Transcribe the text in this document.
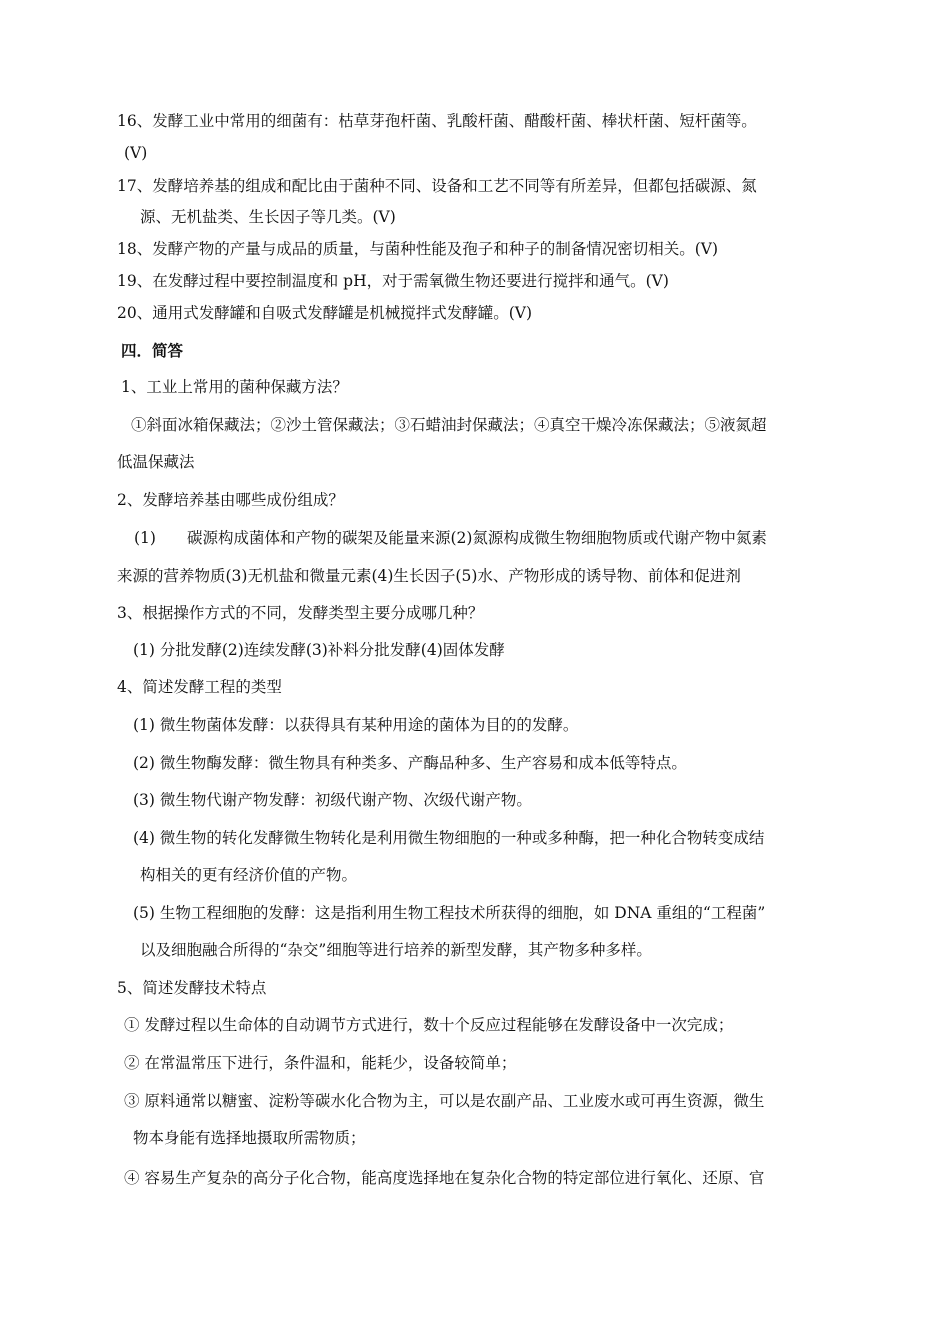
16、发酵工业中常用的细菌有：枯草芽孢杆菌、乳酸杆菌、醋酸杆菌、棒状杆菌、短杆菌等。
(V)
17、发酵培养基的组成和配比由于菌种不同、设备和工艺不同等有所差异，但都包括碳源、氮
源、无机盐类、生长因子等几类。(V)
18、发酵产物的产量与成品的质量，与菌种性能及孢子和种子的制备情况密切相关。(V)
19、在发酵过程中要控制温度和 pH，对于需氧微生物还要进行搅拌和通气。(V)
20、通用式发酵罐和自吸式发酵罐是机械搅拌式发酵罐。(V)
四．简答
1、工业上常用的菌种保藏方法？
①斜面冰箱保藏法；②沙土管保藏法；③石蜡油封保藏法；④真空干燥冷冻保藏法；⑤液氮超
低温保藏法
2、发酵培养基由哪些成份组成？
(1)　　碳源构成菌体和产物的碳架及能量来源(2)氮源构成微生物细胞物质或代谢产物中氮素
来源的营养物质(3)无机盐和微量元素(4)生长因子(5)水、产物形成的诱导物、前体和促进剂
3、根据操作方式的不同，发酵类型主要分成哪几种？
(1) 分批发酵(2)连续发酵(3)补料分批发酵(4)固体发酵
4、简述发酵工程的类型
(1) 微生物菌体发酵：以获得具有某种用途的菌体为目的的发酵。
(2) 微生物酶发酵：微生物具有种类多、产酶品种多、生产容易和成本低等特点。
(3) 微生物代谢产物发酵：初级代谢产物、次级代谢产物。
(4) 微生物的转化发酵微生物转化是利用微生物细胞的一种或多种酶，把一种化合物转变成结
构相关的更有经济价值的产物。
(5) 生物工程细胞的发酵：这是指利用生物工程技术所获得的细胞，如 DNA 重组的“工程菌”
以及细胞融合所得的“杂交”细胞等进行培养的新型发酵，其产物多种多样。
5、简述发酵技术特点
① 发酵过程以生命体的自动调节方式进行，数十个反应过程能够在发酵设备中一次完成；
② 在常温常压下进行，条件温和，能耗少，设备较简单；
③ 原料通常以糖蜜、淀粉等碳水化合物为主，可以是农副产品、工业废水或可再生资源，微生
物本身能有选择地摄取所需物质；
④ 容易生产复杂的高分子化合物，能高度选择地在复杂化合物的特定部位进行氧化、还原、官
